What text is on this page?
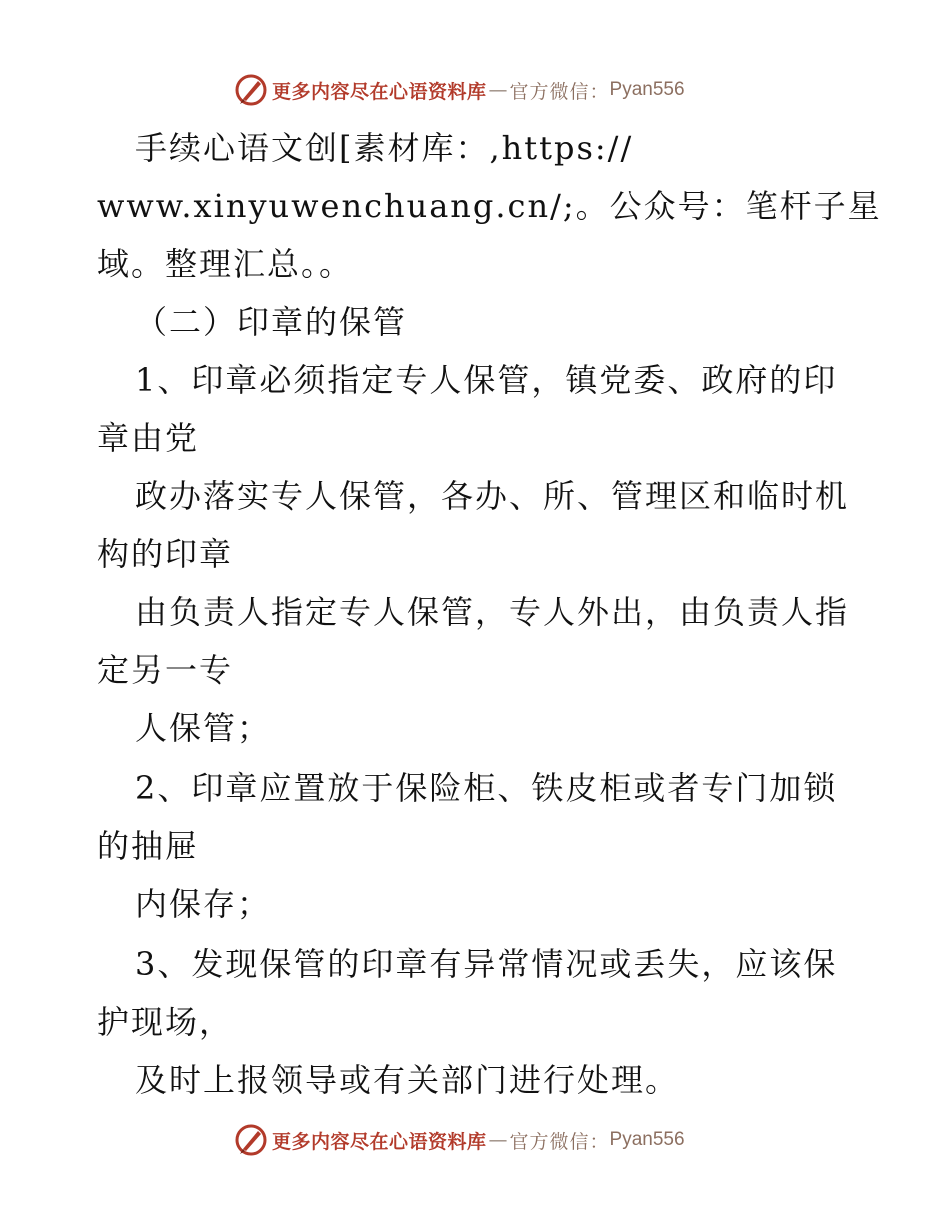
更多内容尽在心语资料库 — 官方微信： Pyan556
手续心语文创[素材库：,https://
www.xinyuwenchuang.cn/;。公众号：笔杆子星
域。整理汇总。。
（二）印章的保管
1、印章必须指定专人保管，镇党委、政府的印
章由党
政办落实专人保管，各办、所、管理区和临时机
构的印章
由负责人指定专人保管，专人外出，由负责人指
定另一专
人保管；
2、印章应置放于保险柜、铁皮柜或者专门加锁
的抽屉
内保存；
3、发现保管的印章有异常情况或丢失，应该保
护现场，
及时上报领导或有关部门进行处理。
更多内容尽在心语资料库 — 官方微信： Pyan556
